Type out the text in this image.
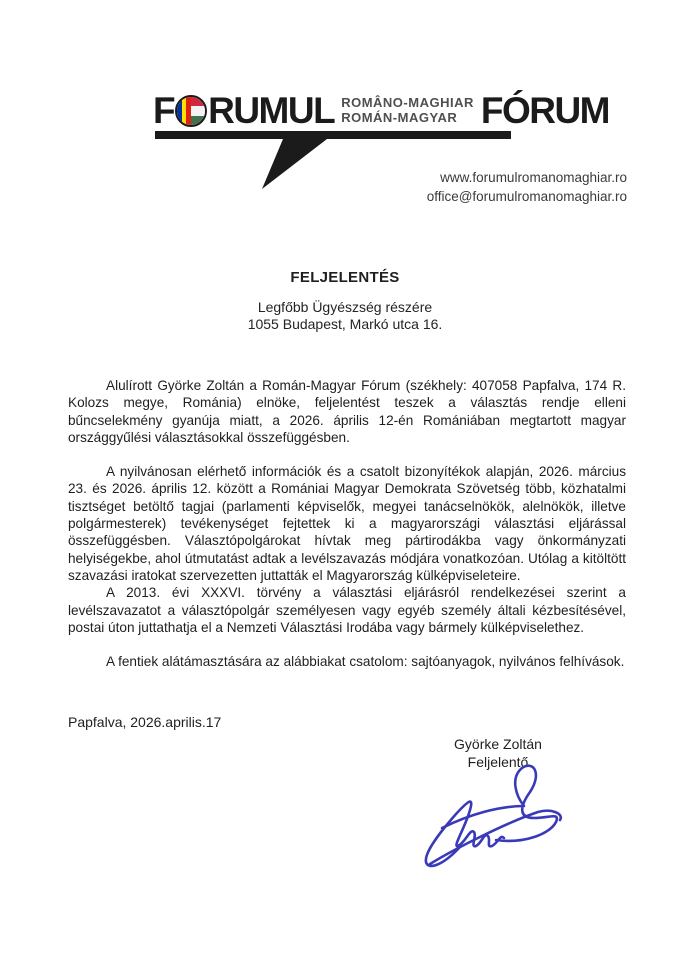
F RUMUL ROMÂNO-MAGHIAR
ROMÁN-MAGYAR FÓRUM
www.forumulromanomaghiar.ro
office@forumulromanomaghiar.ro
FELJELENTÉS
Legfőbb Ügyészség részére
1055 Budapest, Markó utca 16.

Alulírott Györke Zoltán a Román-Magyar Fórum (székhely: 407058 Papfalva, 174 R. Kolozs megye, Románia) elnöke, feljelentést teszek a választás rendje elleni bűncselekmény gyanúja miatt, a 2026. április 12-én Romániában megtartott magyar országgyűlési választásokkal összefüggésben.

A nyilvánosan elérhető információk és a csatolt bizonyítékok alapján, 2026. március 23. és 2026. április 12. között a Romániai Magyar Demokrata Szövetség több, közhatalmi tisztséget betöltő tagjai (parlamenti képviselők, megyei tanácselnökök, alelnökök, illetve polgármesterek) tevékenységet fejtettek ki a magyarországi választási eljárással összefüggésben. Választópolgárokat hívtak meg pártirodákba vagy önkormányzati helyiségekbe, ahol útmutatást adtak a levélszavazás módjára vonatkozóan. Utólag a kitöltött szavazási iratokat szervezetten juttatták el Magyarország külképviseleteire.

A 2013. évi XXXVI. törvény a választási eljárásról rendelkezései szerint a levélszavazatot a választópolgár személyesen vagy egyéb személy általi kézbesítésével, postai úton juttathatja el a Nemzeti Választási Irodába vagy bármely külképviselethez.

A fentiek alátámasztására az alábbiakat csatolom: sajtóanyagok, nyilvános felhívások.

Papfalva, 2026.aprilis.17
Györke Zoltán
Feljelentő
